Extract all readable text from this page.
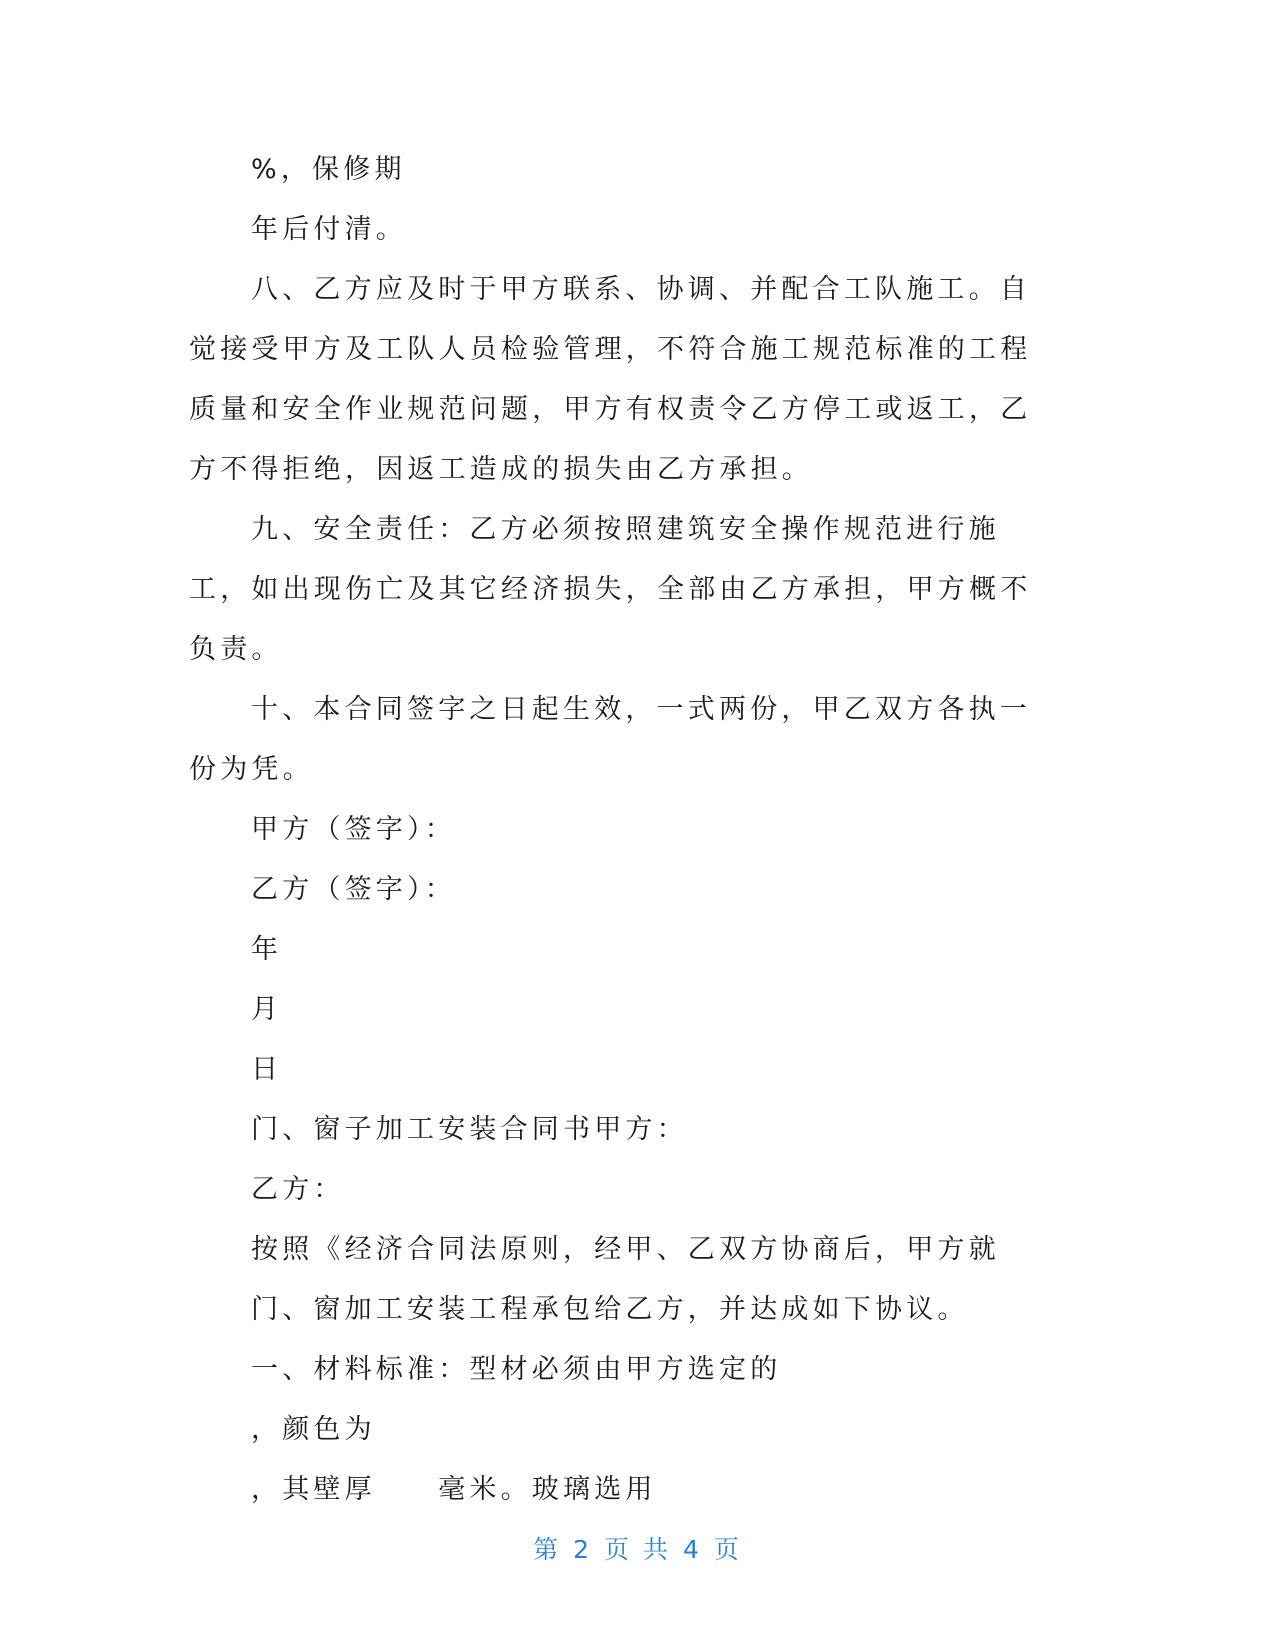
%，保修期

年后付清。

八、乙方应及时于甲方联系、协调、并配合工队施工。自觉接受甲方及工队人员检验管理，不符合施工规范标准的工程质量和安全作业规范问题，甲方有权责令乙方停工或返工，乙方不得拒绝，因返工造成的损失由乙方承担。

九、安全责任：乙方必须按照建筑安全操作规范进行施工，如出现伤亡及其它经济损失，全部由乙方承担，甲方概不负责。

十、本合同签字之日起生效，一式两份，甲乙双方各执一份为凭。

甲方（签字）：

乙方（签字）：

年

月

日

门、窗子加工安装合同书甲方：

乙方：

按照《经济合同法原则，经甲、乙双方协商后，甲方就

门、窗加工安装工程承包给乙方，并达成如下协议。

一、材料标准：型材必须由甲方选定的

，颜色为

，其壁厚　　毫米。玻璃选用

第 2 页 共 4 页
